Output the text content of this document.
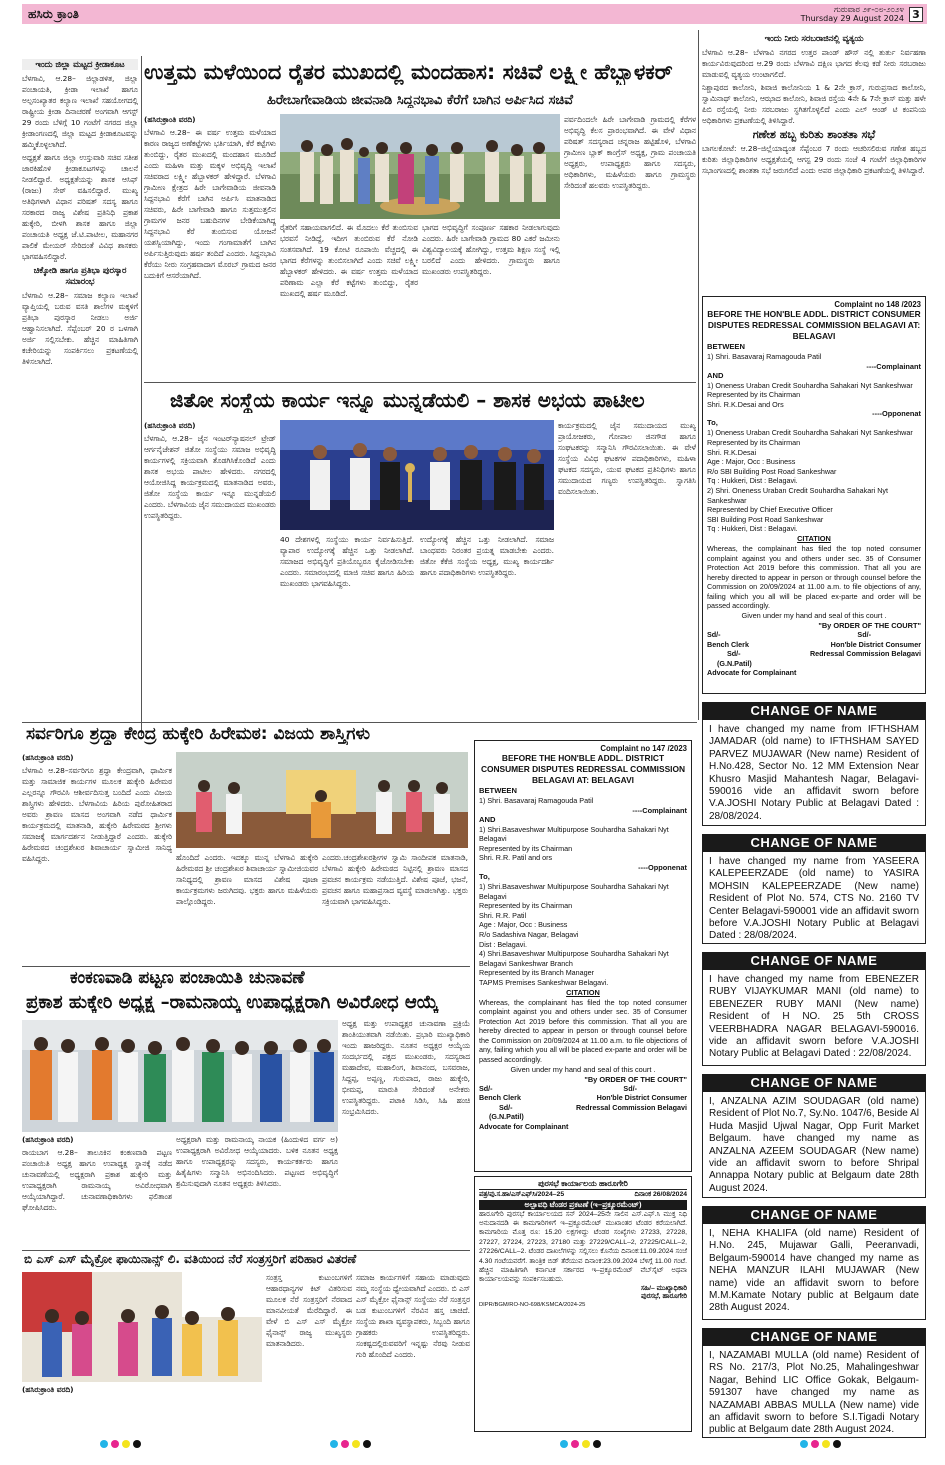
ಹಸಿರು ಕ್ರಾಂತಿ	ಗುರುವಾರ ೨೯-೦೮-೨೦೨೪
Thursday 29 August 2024 3
ಇಂದು ಜಿಲ್ಲಾ ಮಟ್ಟದ ಕ್ರೀಡಾಕೂಟ

ಬೆಳಗಾವಿ, ಆ.28– ಜಿಲ್ಲಾಡಳಿತ, ಜಿಲ್ಲಾ ಪಂಚಾಯತಿ, ಕ್ರೀಡಾ ಇಲಾಖೆ ಹಾಗೂ ಅಲ್ಪಸಂಖ್ಯಾತರ ಕಲ್ಯಾಣ ಇಲಾಖೆ ಸಹಯೋಗದಲ್ಲಿ ರಾಷ್ಟ್ರೀಯ ಕ್ರೀಡಾ ದಿನಾಚರಣೆ ಅಂಗವಾಗಿ ಆಗಸ್ಟ್ 29 ರಂದು ಬೆಳಿಗ್ಗೆ 10 ಗಂಟೆಗೆ ನಗರದ ಜಿಲ್ಲಾ ಕ್ರೀಡಾಂಗಣದಲ್ಲಿ ಜಿಲ್ಲಾ ಮಟ್ಟದ ಕ್ರೀಡಾಕೂಟವನ್ನು ಹಮ್ಮಿಕೊಳ್ಳಲಾಗಿದೆ.

ಅಧ್ಯಕ್ಷತೆ ಹಾಗೂ ಜಿಲ್ಲಾ ಉಸ್ತುವಾರಿ ಸಚಿವ ಸತೀಶ ಜಾರಕಿಹೊಳಿ ಕ್ರೀಡಾಕೂಟಗಳನ್ನು ಚಾಲನೆ ನೀಡಲಿದ್ದಾರೆ. ಅಧ್ಯಕ್ಷತೆಯನ್ನು ಶಾಸಕ ಆಸಿಫ್ (ರಾಜು) ಸೇಠ್ ವಹಿಸಲಿದ್ದಾರೆ. ಮುಖ್ಯ ಅತಿಥಿಗಳಾಗಿ ವಿಧಾನ ಪರಿಷತ್ ಸದಸ್ಯ ಹಾಗೂ ಸರಕಾರದ ರಾಜ್ಯ ವಿಶೇಷ ಪ್ರತಿನಿಧಿ ಪ್ರಕಾಶ ಹುಕ್ಕೇರಿ, ಬೀಳಗಿ ಶಾಸಕ ಹಾಗೂ ಜಿಲ್ಲಾ ಪಂಚಾಯತಿ ಅಧ್ಯಕ್ಷ ಜೆ.ಟಿ.ಪಾಟೀಲ, ಮಹಾನಗರ ಪಾಲಿಕೆ ಮೇಯರ್ ಸೇರಿದಂತೆ ವಿವಿಧ ಶಾಸಕರು ಭಾಗವಹಿಸಲಿದ್ದಾರೆ.

ಚಿಕ್ಕೋಡಿ ಹಾಗೂ ಪ್ರತಿಭಾ ಪುರಸ್ಕಾರ ಸಮಾರಂಭ

ಬೆಳಗಾವಿ ಆ.28– ಸಮಾಜ ಕಲ್ಯಾಣ ಇಲಾಖೆ ವ್ಯಾಪ್ತಿಯಲ್ಲಿ ಬರುವ ವಸತಿ ಶಾಲೆಗಳ ಮಕ್ಕಳಿಗೆ ಪ್ರತಿಭಾ ಪುರಸ್ಕಾರ ನೀಡಲು ಅರ್ಜಿ ಆಹ್ವಾನಿಸಲಾಗಿದೆ. ಸೆಪ್ಟೆಂಬರ್ 20 ರ ಒಳಗಾಗಿ ಅರ್ಜಿ ಸಲ್ಲಿಸಬೇಕು. ಹೆಚ್ಚಿನ ಮಾಹಿತಿಗಾಗಿ ಕಚೇರಿಯನ್ನು ಸಂಪರ್ಕಿಸಲು ಪ್ರಕಟಣೆಯಲ್ಲಿ ತಿಳಿಸಲಾಗಿದೆ.

ಉತ್ತಮ ಮಳೆಯಿಂದ ರೈತರ ಮುಖದಲ್ಲಿ ಮಂದಹಾಸ: ಸಚಿವೆ ಲಕ್ಷ್ಮೀ ಹೆಬ್ಬಾಳಕರ್
ಹಿರೇಬಾಗೇವಾಡಿಯ ಜೀವನಾಡಿ ಸಿದ್ದನಭಾವಿ ಕೆರೆಗೆ ಬಾಗಿನ ಅರ್ಪಿಸಿದ ಸಚಿವೆ

(ಹಸಿರುಕ್ರಾಂತಿ ವರದಿ)

ಬೆಳಗಾವಿ ಆ.28– ಈ ವರ್ಷ ಉತ್ತಮ ಮಳೆಯಾದ ಕಾರಣ ರಾಜ್ಯದ ಅಣೆಕಟ್ಟೆಗಳು ಭರ್ತಿಯಾಗಿ, ಕೆರೆ ಕಟ್ಟೆಗಳು ತುಂಬಿದ್ದು, ರೈತರ ಮುಖದಲ್ಲಿ ಮಂದಹಾಸ ಮೂಡಿದೆ ಎಂದು ಮಹಿಳಾ ಮತ್ತು ಮಕ್ಕಳ ಅಭಿವೃದ್ಧಿ ಇಲಾಖೆ ಸಚಿವರಾದ ಲಕ್ಷ್ಮೀ ಹೆಬ್ಬಾಳಕರ್ ಹೇಳಿದ್ದಾರೆ. ಬೆಳಗಾವಿ ಗ್ರಾಮೀಣ ಕ್ಷೇತ್ರದ ಹಿರೇ ಬಾಗೇವಾಡಿಯ ಜೀವನಾಡಿ ಸಿದ್ದನಭಾವಿ ಕೆರೆಗೆ ಬಾಗಿನ ಅರ್ಪಿಸಿ ಮಾತನಾಡಿದ ಸಚಿವರು, ಹಿರೇ ಬಾಗೇವಾಡಿ ಹಾಗೂ ಸುತ್ತಮುತ್ತಲಿನ ಗ್ರಾಮಗಳ ಜನರ ಬಹುದಿನಗಳ ಬೇಡಿಕೆಯಾಗಿದ್ದ ಸಿದ್ದನಭಾವಿ ಕೆರೆ ತುಂಬಿಸುವ ಯೋಜನೆ ಯಶಸ್ವಿಯಾಗಿದ್ದು, ಇಂದು ಗಂಗಾಮಾತೆಗೆ ಬಾಗಿನ ಅರ್ಪಿಸುತ್ತಿರುವುದು ಹರ್ಷ ತಂದಿದೆ ಎಂದರು. ಸಿದ್ದನಭಾವಿ ಕೆರೆಯು ನೀರು ಸಂಗ್ರಹವಾದಾಗ ಮೊರಬ್ ಗ್ರಾಮದ ಜನರ ಬದುಕಿಗೆ ಆಸರೆಯಾಗಿದೆ.

ರೈತರಿಗೆ ಸಹಾಯವಾಗಲಿದೆ. ಈ ಮೊದಲು ಕೆರೆ ತುಂಬಿಸುವ ಭರವಸೆ ನೀಡಿದ್ದೆ, ಇದೀಗ ತುಂಬಿರುವ ಕೆರೆ ನೋಡಿ ಸಂತಸವಾಗಿದೆ. 19 ಕೋಟಿ ರೂಪಾಯಿ ವೆಚ್ಚದಲ್ಲಿ ಈ ಭಾಗದ ಕೆರೆಗಳನ್ನು ತುಂಬಿಸಲಾಗಿದೆ ಎಂದು ಸಚಿವೆ ಲಕ್ಷ್ಮೀ ಹೆಬ್ಬಾಳಕರ್ ಹೇಳಿದರು. ಈ ವರ್ಷ ಉತ್ತಮ ಮಳೆಯಾದ ಪರಿಣಾಮ ಎಲ್ಲಾ ಕೆರೆ ಕಟ್ಟೆಗಳು ತುಂಬಿದ್ದು, ರೈತರ ಮುಖದಲ್ಲಿ ಹರ್ಷ ಮೂಡಿದೆ.

ಭಾಗದ ಅಭಿವೃದ್ಧಿಗೆ ಸಂಪೂರ್ಣ ಸಹಕಾರ ನೀಡಲಾಗುವುದು ಎಂದರು. ಹಿರೇ ಬಾಗೇವಾಡಿ ಗ್ರಾಮದ 80 ಎಕರೆ ಜಮೀನು ವಿಶ್ವವಿದ್ಯಾಲಯಕ್ಕೆ ಹೋಗಿದ್ದು, ಉತ್ತಮ ಶಿಕ್ಷಣ ಸಂಸ್ಥೆ ಇಲ್ಲಿ ಬರಲಿದೆ ಎಂದು ಹೇಳಿದರು. ಗ್ರಾಮಸ್ಥರು ಹಾಗೂ ಮುಖಂಡರು ಉಪಸ್ಥಿತರಿದ್ದರು.

ಪರ್ವದಿಂದಲೇ ಹಿರೇ ಬಾಗೇವಾಡಿ ಗ್ರಾಮದಲ್ಲಿ ಕೆರೆಗಳ ಅಭಿವೃದ್ಧಿ ಕೆಲಸ ಪ್ರಾರಂಭವಾಗಿದೆ. ಈ ವೇಳೆ ವಿಧಾನ ಪರಿಷತ್ ಸದಸ್ಯರಾದ ಚನ್ನರಾಜ ಹಟ್ಟಿಹೊಳಿ, ಬೆಳಗಾವಿ ಗ್ರಾಮೀಣ ಬ್ಲಾಕ್ ಕಾಂಗ್ರೆಸ್ ಅಧ್ಯಕ್ಷ, ಗ್ರಾಮ ಪಂಚಾಯತಿ ಅಧ್ಯಕ್ಷರು, ಉಪಾಧ್ಯಕ್ಷರು ಹಾಗೂ ಸದಸ್ಯರು, ಅಧಿಕಾರಿಗಳು, ಮಹಿಳೆಯರು ಹಾಗೂ ಗ್ರಾಮಸ್ಥರು ಸೇರಿದಂತೆ ಹಲವರು ಉಪಸ್ಥಿತರಿದ್ದರು.

ಜಿತೋ ಸಂಸ್ಥೆಯ ಕಾರ್ಯ ಇನ್ನೂ ಮುನ್ನಡೆಯಲಿ – ಶಾಸಕ ಅಭಯ ಪಾಟೀಲ

(ಹಸಿರುಕ್ರಾಂತಿ ವರದಿ)

ಬೆಳಗಾವಿ, ಆ.28– ಜೈನ ಇಂಟರ್‌ನ್ಯಾಷನಲ್ ಟ್ರೇಡ್ ಆರ್ಗನೈಜೇಶನ್ ಜಿತೋ ಸಂಸ್ಥೆಯು ಸಮಾಜ ಅಭಿವೃದ್ಧಿ ಕಾರ್ಯಗಳಲ್ಲಿ ಸಕ್ರಿಯವಾಗಿ ತೊಡಗಿಸಿಕೊಂಡಿದೆ ಎಂದು ಶಾಸಕ ಅಭಯ ಪಾಟೀಲ ಹೇಳಿದರು. ನಗರದಲ್ಲಿ ಆಯೋಜಿಸಿದ್ದ ಕಾರ್ಯಕ್ರಮದಲ್ಲಿ ಮಾತನಾಡಿದ ಅವರು, ಜಿತೋ ಸಂಸ್ಥೆಯ ಕಾರ್ಯ ಇನ್ನೂ ಮುನ್ನಡೆಯಲಿ ಎಂದರು. ಬೆಳಗಾವಿಯ ಜೈನ ಸಮುದಾಯದ ಮುಖಂಡರು ಉಪಸ್ಥಿತರಿದ್ದರು.

40 ದೇಶಗಳಲ್ಲಿ ಸಂಸ್ಥೆಯು ಕಾರ್ಯ ನಿರ್ವಹಿಸುತ್ತಿದೆ. ವ್ಯಾಪಾರ ಉದ್ಯೋಗಕ್ಕೆ ಹೆಚ್ಚಿನ ಒತ್ತು ನೀಡಲಾಗಿದೆ. ಸಮಾಜದ ಅಭಿವೃದ್ಧಿಗೆ ಪ್ರತಿಯೊಬ್ಬರೂ ಕೈಜೋಡಿಸಬೇಕು ಎಂದರು. ಸಮಾರಂಭದಲ್ಲಿ ಮಾಜಿ ಸಚಿವ ಹಾಗೂ ಹಿರಿಯ ಮುಖಂಡರು ಭಾಗವಹಿಸಿದ್ದರು.

ಉದ್ಯೋಗಕ್ಕೆ ಹೆಚ್ಚಿನ ಒತ್ತು ನೀಡಲಾಗಿದೆ. ಸಮಾಜ ಬಾಂಧವರು ನಿರಂತರ ಪ್ರಯತ್ನ ಮಾಡಬೇಕು ಎಂದರು. ಜಿತೋ ಕೆಕೆಜಿ ಸಂಸ್ಥೆಯ ಅಧ್ಯಕ್ಷ, ಮುಖ್ಯ ಕಾರ್ಯದರ್ಶಿ ಹಾಗೂ ಪದಾಧಿಕಾರಿಗಳು ಉಪಸ್ಥಿತರಿದ್ದರು.

ಕಾರ್ಯಕ್ರಮದಲ್ಲಿ ಜೈನ ಸಮುದಾಯದ ಮುಖ್ಯ ಪ್ರಾಯೋಜಕರು, ಗೋಪಾಲ ಜಿನಗೌಡ ಹಾಗೂ ಸಂಘಟಕರನ್ನು ಸನ್ಮಾನಿಸಿ ಗೌರವಿಸಲಾಯಿತು. ಈ ವೇಳೆ ಸಂಸ್ಥೆಯ ವಿವಿಧ ಘಟಕಗಳ ಪದಾಧಿಕಾರಿಗಳು, ಮಹಿಳಾ ಘಟಕದ ಸದಸ್ಯರು, ಯುವ ಘಟಕದ ಪ್ರತಿನಿಧಿಗಳು ಹಾಗೂ ಸಮುದಾಯದ ಗಣ್ಯರು ಉಪಸ್ಥಿತರಿದ್ದರು. ಸ್ವಾಗತಿಸಿ ವಂದಿಸಲಾಯಿತು.

ಇಂದು ನೀರು ಸರಬರಾಜಿನಲ್ಲಿ ವ್ಯತ್ಯಯ

ಬೆಳಗಾವಿ ಆ.28– ಬೆಳಗಾವಿ ನಗರದ ಉತ್ತರ ಪಾಂಡ್ ಹೌಸ್ ನಲ್ಲಿ ತುರ್ತು ನಿರ್ವಹಣಾ ಕಾರ್ಯವಿರುವುದರಿಂದ ಆ.29 ರಂದು ಬೆಳಗಾವಿ ದಕ್ಷಿಣ ಭಾಗದ ಕೆಲವು ಕಡೆ ನೀರು ಸರಬರಾಜು ಮಾಡುವಲ್ಲಿ ವ್ಯತ್ಯಯ ಉಂಟಾಗಲಿದೆ.

ನಿಶ್ಚಾಪುರದ ಕಾಲೋನಿ, ಶಿವಾಜಿ ಕಾಲೋನಿಯ 1 & 2ನೇ ಕ್ರಾಸ್, ಗುರುಪ್ರಸಾದ ಕಾಲೋನಿ, ಸ್ವಾಮಿನಾಥ್ ಕಾಲೋನಿ, ಆಝಾದ ಕಾಲೋನಿ, ಶಿವಾಜಿ ರಸ್ತೆಯ 4ನೇ & 7ನೇ ಕ್ರಾಸ್ ಮತ್ತು ಹಳೇ ಪಿಬಿ ರಸ್ತೆಯಲ್ಲಿ ನೀರು ಸರಬರಾಜು ಸ್ಥಗಿತಗೊಳ್ಳಲಿದೆ ಎಂದು ಎಲ್ ಆಂಡ್ ಟಿ ಕಂಪನಿಯ ಅಧಿಕಾರಿಗಳು ಪ್ರಕಟಣೆಯಲ್ಲಿ ತಿಳಿಸಿದ್ದಾರೆ.

ಗಣೇಶ ಹಬ್ಬ ಕುರಿತು ಶಾಂತತಾ ಸಭೆ

ಬಾಗಲಕೋಟೆ: ಆ.28–ಜಿಲ್ಲೆಯಾದ್ಯಂತ ಸೆಪ್ಟೆಂಬರ 7 ರಂದು ಆಚರಿಸಲಿರುವ ಗಣೇಶ ಹಬ್ಬದ ಕುರಿತು ಜಿಲ್ಲಾಧಿಕಾರಿಗಳ ಅಧ್ಯಕ್ಷತೆಯಲ್ಲಿ ಆಗಸ್ಟ 29 ರಂದು ಸಂಜೆ 4 ಗಂಟೆಗೆ ಜಿಲ್ಲಾಧಿಕಾರಿಗಳ ಸಭಾಂಗಣದಲ್ಲಿ ಶಾಂತತಾ ಸಭೆ ಜರುಗಲಿದೆ ಎಂದು ಅಪರ ಜಿಲ್ಲಾಧಿಕಾರಿ ಪ್ರಕಟಣೆಯಲ್ಲಿ ತಿಳಿಸಿದ್ದಾರೆ.

Complaint no 148 /2023
BEFORE THE HON'BLE ADDL. DISTRICT CONSUMER DISPUTES REDRESSAL COMMISSION BELAGAVI AT: BELAGAVI
BETWEEN
1) Shri. Basavaraj Ramagouda Patil
----Complainant
AND
1) Oneness Uraban Credit Souhardha Sahakari Nyt Sankeshwar
Represented by its Chairman
Shri. R.K.Desai and Ors
----Opponenat
To,
1) Oneness Uraban Credit Souhardha Sahakari Nyt Sankeshwar
Represented by its Chairman
Shri. R.K.Desai
Age : Major, Occ : Business
R/o SBI Building Post Road Sankeshwar
Tq : Hukkeri, Dist : Belagavi.
2) Shri. Oneness Uraban Credit Souhardha Sahakari Nyt Sankeshwar
Represented by Chief Executive Officer
SBI Building Post Road Sankeshwar
Tq : Hukkeri, Dist : Belagavi.
CITATION
Whereas, the complainant has filed the top noted consumer complaint against you and others under sec. 35 of Consumer Protection Act 2019 before this commission. That all you are hereby directed to appear in person or through counsel before the Commission on 20/09/2024 at 11.00 a.m. to file objections of any, failing which you all will be placed ex-parte and order will be passed accordingly.
Given under my hand and seal of this court .
"By ORDER OF THE COURT"
Sd/-	Sd/-
Bench Clerk	Hon'ble District Consumer
Sd/-	Redressal Commission Belagavi
(G.N.Patil)
Advocate for Complainant
ಸರ್ವರಿಗೂ ಶ್ರದ್ಧಾ ಕೇಂದ್ರ ಹುಕ್ಕೇರಿ ಹಿರೇಮಠ: ವಿಜಯ ಶಾಸ್ತ್ರಿಗಳು

(ಹಸಿರುಕ್ರಾಂತಿ ವರದಿ)

ಬೆಳಗಾವಿ ಆ.28–ಸರ್ವರಿಗೂ ಶ್ರದ್ಧಾ ಕೇಂದ್ರವಾಗಿ, ಧಾರ್ಮಿಕ ಮತ್ತು ಸಾಮಾಜಿಕ ಕಾರ್ಯಗಳ ಮೂಲಕ ಹುಕ್ಕೇರಿ ಹಿರೇಮಠ ಎಲ್ಲರನ್ನೂ ಗೌರವಿಸಿ ಆಶೀರ್ವದಿಸುತ್ತ ಬಂದಿದೆ ಎಂದು ವಿಜಯ ಶಾಸ್ತ್ರಿಗಳು ಹೇಳಿದರು. ಬೆಳಗಾವಿಯ ಹಿರಿಯ ಪುರೋಹಿತರಾದ ಅವರು ಶ್ರಾವಣ ಮಾಸದ ಅಂಗವಾಗಿ ನಡೆದ ಧಾರ್ಮಿಕ ಕಾರ್ಯಕ್ರಮದಲ್ಲಿ ಮಾತನಾಡಿ, ಹುಕ್ಕೇರಿ ಹಿರೇಮಠದ ಶ್ರೀಗಳು ಸಮಾಜಕ್ಕೆ ಮಾರ್ಗದರ್ಶನ ನೀಡುತ್ತಿದ್ದಾರೆ ಎಂದರು. ಹುಕ್ಕೇರಿ ಹಿರೇಮಠದ ಚಂದ್ರಶೇಖರ ಶಿವಾಚಾರ್ಯ ಸ್ವಾಮೀಜಿ ಸಾನಿಧ್ಯ ವಹಿಸಿದ್ದರು.	ಹೊಂದಿದೆ ಎಂದರು. ಇದಕ್ಕೂ ಮುನ್ನ ಬೆಳಗಾವಿ ಹುಕ್ಕೇರಿ ಹಿರೇಮಠದ ಶ್ರೀ ಚಂದ್ರಶೇಖರ ಶಿವಾಚಾರ್ಯ ಸ್ವಾಮೀಜಿಯವರ ಸಾನಿಧ್ಯದಲ್ಲಿ ಶ್ರಾವಣ ಮಾಸದ ವಿಶೇಷ ಪೂಜಾ ಕಾರ್ಯಕ್ರಮಗಳು ಜರುಗಿದವು. ಭಕ್ತರು ಹಾಗೂ ಮಹಿಳೆಯರು ಪಾಲ್ಗೊಂಡಿದ್ದರು.

ಎಂದರು.ಚಂದ್ರಶೇಖರಶ್ರೀಗಳ ಸ್ವಾಮಿ ಸಾಂದೀಪಕ ಮಾತನಾಡಿ, ಬೆಳಗಾವಿ ಹುಕ್ಕೇರಿ ಹಿರೇಮಠದ ನಿಟ್ಟಿನಲ್ಲಿ ಶ್ರಾವಣ ಮಾಸದ ಪ್ರವಚನ ಕಾರ್ಯಕ್ರಮ ನಡೆಯುತ್ತಿದೆ. ವಿಶೇಷ ಪೂಜೆ, ಭಜನೆ, ಪ್ರವಚನ ಹಾಗೂ ಮಹಾಪ್ರಸಾದ ವ್ಯವಸ್ಥೆ ಮಾಡಲಾಗಿತ್ತು. ಭಕ್ತರು ಸಕ್ರಿಯವಾಗಿ ಭಾಗವಹಿಸಿದ್ದರು.

Complaint no 147 /2023
BEFORE THE HON'BLE ADDL. DISTRICT CONSUMER DISPUTES REDRESSAL COMMISSION BELAGAVI AT: BELAGAVI
BETWEEN
1) Shri. Basavaraj Ramagouda Patil
----Complainant
AND
1) Shri.Basaveshwar Multipurpose Souhardha Sahakari Nyt Belagavi
Represented by its Chairman
Shri. R.R. Patil and ors
----Opponenat
To,
1) Shri.Basaveshwar Multipurpose Souhardha Sahakari Nyt Belagavi
Represented by its Chairman
Shri. R.R. Patil
Age : Major, Occ : Business
R/o Sadashiva Nagar, Belagavi
Dist : Belagavi.
4) Shri.Basaveshwar Multipurpose Souhardha Sahakari Nyt Belagavi Sankeshwar Branch
Represented by its Branch Manager
TAPMS Premises Sankeshwar Belagavi.
CITATION
Whereas, the complainant has filed the top noted consumer complaint against you and others under sec. 35 of Consumer Protection Act 2019 before this commission. That all you are hereby directed to appear in person or through counsel before the Commission on 20/09/2024 at 11.00 a.m. to file objections of any, failing which you all will be placed ex-parte and order will be passed accordingly.
Given under my hand and seal of this court .
"By ORDER OF THE COURT"
Sd/-	Sd/-
Bench Clerk	Hon'ble District Consumer
Sd/-	Redressal Commission Belagavi
(G.N.Patil)
Advocate for Complainant
ಕಂಕಣವಾಡಿ ಪಟ್ಟಣ ಪಂಚಾಯಿತಿ ಚುನಾವಣೆ
ಪ್ರಕಾಶ ಹುಕ್ಕೇರಿ ಅಧ್ಯಕ್ಷ –ರಾಮನಾಯ್ಕ ಉಪಾಧ್ಯಕ್ಷರಾಗಿ ಅವಿರೋಧ ಆಯ್ಕೆ

(ಹಸಿರುಕ್ರಾಂತಿ ವರದಿ)

ರಾಯಬಾಗ ಆ.28– ತಾಲೂಕಿನ ಕಂಕಣವಾಡಿ ಪಟ್ಟಣ ಪಂಚಾಯಿತಿ ಅಧ್ಯಕ್ಷ ಹಾಗೂ ಉಪಾಧ್ಯಕ್ಷ ಸ್ಥಾನಕ್ಕೆ ನಡೆದ ಚುನಾವಣೆಯಲ್ಲಿ ಅಧ್ಯಕ್ಷರಾಗಿ ಪ್ರಕಾಶ ಹುಕ್ಕೇರಿ ಮತ್ತು ಉಪಾಧ್ಯಕ್ಷರಾಗಿ ರಾಮನಾಯ್ಕ ಅವಿರೋಧವಾಗಿ ಆಯ್ಕೆಯಾಗಿದ್ದಾರೆ. ಚುನಾವಣಾಧಿಕಾರಿಗಳು ಫಲಿತಾಂಶ ಘೋಷಿಸಿದರು.

ಅಧ್ಯಕ್ಷರಾಗಿ ಮತ್ತು ರಾಮನಾಯ್ಕ ನಾಯಕ (ಹಿಂದುಳಿದ ವರ್ಗ ಅ) ಉಪಾಧ್ಯಕ್ಷರಾಗಿ ಅವಿರೋಧ ಆಯ್ಕೆಯಾದರು. ಬಳಿಕ ನೂತನ ಅಧ್ಯಕ್ಷ ಹಾಗೂ ಉಪಾಧ್ಯಕ್ಷರನ್ನು ಸದಸ್ಯರು, ಕಾರ್ಯಕರ್ತರು ಹಾಗೂ ಹಿತೈಷಿಗಳು ಸನ್ಮಾನಿಸಿ ಅಭಿನಂದಿಸಿದರು. ಪಟ್ಟಣದ ಅಭಿವೃದ್ಧಿಗೆ ಶ್ರಮಿಸುವುದಾಗಿ ನೂತನ ಅಧ್ಯಕ್ಷರು ತಿಳಿಸಿದರು.

ಅಧ್ಯಕ್ಷ ಮತ್ತು ಉಪಾಧ್ಯಕ್ಷರ ಚುನಾವಣಾ ಪ್ರಕ್ರಿಯೆ ಶಾಂತಿಯುತವಾಗಿ ನಡೆಯಿತು. ಪ್ರಭಾರಿ ಮುಖ್ಯಾಧಿಕಾರಿ ಇಂದು ಹಾಜರಿದ್ದರು. ನೂತನ ಅಧ್ಯಕ್ಷರ ಆಯ್ಕೆಯ ಸಂದರ್ಭದಲ್ಲಿ ಪಕ್ಷದ ಮುಖಂಡರು, ಸದಸ್ಯರಾದ ಮಹಾದೇವ, ಮಹಾಲಿಂಗ, ಶಿವಾನಂದ, ಬಸವರಾಜ, ಸಿದ್ದಪ್ಪ, ಅಪ್ಪಣ್ಣ, ಗುರುಪಾದ, ರಾಜು ಹುಕ್ಕೇರಿ, ಭೀಮಪ್ಪ, ಮಾರುತಿ ಸೇರಿದಂತೆ ಅನೇಕರು ಉಪಸ್ಥಿತರಿದ್ದರು. ಪಟಾಕಿ ಸಿಡಿಸಿ, ಸಿಹಿ ಹಂಚಿ ಸಂಭ್ರಮಿಸಿದರು.

ಪುರಸಭೆ ಕಾರ್ಯಾಲಯ ಹಾರೂಗೇರಿ
ಪತ್ರ/ಪು.ಸ.ಹಾ/ಎಸ್‌ಎಫ್‌ಸಿ/2024–25	ದಿನಾಂಕ 26/08/2024
ಅಲ್ಪಾವಧಿ ಟೆಂಡರ ಪ್ರಕಟಣೆ (ಇ–ಪ್ರಕ್ಯೂರಮೆಂಟ್)
ಹಾರೂಗೇರಿ ಪುರಸಭೆ ಕಾರ್ಯಾಲಯದ ಸನ್ 2024–25ನೇ ಸಾಲಿನ ಎಸ್.ಎಫ್.ಸಿ ಮುಕ್ತ ನಿಧಿ ಅನುದಾನದಡಿ ಈ ಕಾಮಗಾರಿಗಳಿಗೆ ಇ–ಪ್ರಕ್ಯೂರಮೆಂಟ್ ಮುಖಾಂತರ ಟೆಂಡರ ಕರೆಯಲಾಗಿದೆ. ಕಾಮಗಾರಿಯ ಮೊತ್ತ ರೂ: 15.20 ಲಕ್ಷಗಳಿದ್ದು ಟೆಂಡರ ಸಂಖ್ಯೆಗಳು 27233, 27228, 27227, 27224, 27223, 27180 ಮತ್ತು 27229/CALL–2, 27225/CALL–2, 27226/CALL–2. ಟೆಂಡರ ದಾಖಲೆಗಳನ್ನು ಸಲ್ಲಿಸಲು ಕೊನೆಯ ದಿನಾಂಕ:11.09.2024 ಸಂಜೆ 4.30 ಗಂಟೆಯವರೆಗೆ. ತಾಂತ್ರಿಕ ಬಿಡ್ ತೆರೆಯುವ ದಿನಾಂಕ:23.09.2024 ಬೆಳಿಗ್ಗೆ 11.00 ಗಂಟೆ. ಹೆಚ್ಚಿನ ಮಾಹಿತಿಗಾಗಿ ಕರ್ನಾಟಕ ಸರ್ಕಾರದ ಇ–ಪ್ರಕ್ಯೂರಮೆಂಟ್ ವೆಬ್‌ಸೈಟ್ ಅಥವಾ ಕಾರ್ಯಾಲಯವನ್ನು ಸಂಪರ್ಕಿಸಬಹುದು.
ಸಹಿ/– ಮುಖ್ಯಾಧಿಕಾರಿ
ಪುರಸಭೆ, ಹಾರೂಗೇರಿ
DIPR/BGM/RO-NO-698/KSMCA/2024-25
ಬಿ ಎಸ್ ಎಸ್ ಮೈಕ್ರೋ ಫಾಯಿನಾನ್ಸ್ ಲಿ. ವತಿಯಿಂದ ನೆರೆ ಸಂತ್ರಸ್ತರಿಗೆ ಪರಿಹಾರ ವಿತರಣೆ

ಸಂತ್ರಸ್ತ ಕುಟುಂಬಗಳಿಗೆ ಆಹಾರಧಾನ್ಯಗಳ ಕಿಟ್ ವಿತರಿಸುವ ಮೂಲಕ ನೆರೆ ಸಂತ್ರಸ್ತರಿಗೆ ನೆರವಾದ ಮಾನವೀಯತೆ ಮೆರೆದಿದ್ದಾರೆ. ಈ ವೇಳೆ ಬಿ ಎಸ್ ಎಸ್ ಮೈಕ್ರೋ ಫೈನಾನ್ಸ್ ರಾಜ್ಯ ಮುಖ್ಯಸ್ಥರು ಮಾತನಾಡಿದರು.

ಸಮಾಜ ಕಾರ್ಯಗಳಿಗೆ ಸಹಾಯ ಮಾಡುವುದು ನಮ್ಮ ಸಂಸ್ಥೆಯ ಧ್ಯೇಯವಾಗಿದೆ ಎಂದರು. ಬಿ ಎಸ್ ಎಸ್ ಮೈಕ್ರೋ ಫೈನಾನ್ಸ್ ಸಂಸ್ಥೆಯು ನೆರೆ ಸಂತ್ರಸ್ತರ ಬಡ ಕುಟುಂಬಗಳಿಗೆ ನೆರವಿನ ಹಸ್ತ ಚಾಚಿದೆ. ಸಂಸ್ಥೆಯ ಶಾಖಾ ವ್ಯವಸ್ಥಾಪಕರು, ಸಿಬ್ಬಂದಿ ಹಾಗೂ ಗ್ರಾಹಕರು ಉಪಸ್ಥಿತರಿದ್ದರು. ಸಂಕಷ್ಟದಲ್ಲಿರುವವರಿಗೆ ಇನ್ನಷ್ಟು ನೆರವು ನೀಡುವ ಗುರಿ ಹೊಂದಿದೆ ಎಂದರು.

(ಹಸಿರುಕ್ರಾಂತಿ ವರದಿ)

CHANGE OF NAME
I have changed my name from IFTHSHAM JAMADAR (old name) to IFTHSHAM SAYED PARVEZ MUJAWAR (New name) Resident of H.No.428, Sector No. 12 MM Extension Near Khusro Masjid Mahantesh Nagar, Belagavi-590016 vide an affidavit sworn before V.A.JOSHI Notary Public at Belagavi Dated : 28/08/2024.
CHANGE OF NAME
I have changed my name from YASEERA KALEPEERZADE (old name) to YASIRA MOHSIN KALEPEERZADE (New name) Resident of Plot No. 574, CTS No. 2160 TV Center Belagavi-590001 vide an affidavit sworn before V.A.JOSHI Notary Public at Belagavi Dated : 28/08/2024.
CHANGE OF NAME
I have changed my name from EBENEZER RUBY VIJAYKUMAR MANI (old name) to EBENEZER RUBY MANI (New name) Resident of H NO. 25 5th CROSS VEERBHADRA NAGAR BELAGAVI-590016. vide an affidavit sworn before V.A.JOSHI Notary Public at Belagavi Dated : 22/08/2024.
CHANGE OF NAME
I, ANZALNA AZIM SOUDAGAR (old name) Resident of Plot No.7, Sy.No. 1047/6, Beside Al Huda Masjid Ujwal Nagar, Opp Furit Market Belgaum. have changed my name as ANZALNA AZEEM SOUDAGAR (New name) vide an affidavit sworn to before Shripal Annappa Notary public at Belgaum date 28th August 2024.
CHANGE OF NAME
I, NEHA KHALIFA (old name) Resident of H.No. 245, Mujawar Galli, Peeranvadi, Belgaum-590014 have changed my name as NEHA MANZUR ILAHI MUJAWAR (New name) vide an affidavit sworn to before M.M.Kamate Notary public at Belgaum date 28th August 2024.
CHANGE OF NAME
I, NAZAMABI MULLA (old name) Resident of RS No. 217/3, Plot No.25, Mahalingeshwar Nagar, Behind LIC Office Gokak, Belgaum-591307 have changed my name as NAZAMABI ABBAS MULLA (New name) vide an affidavit sworn to before S.I.Tigadi Notary public at Belgaum date 28th August 2024.
